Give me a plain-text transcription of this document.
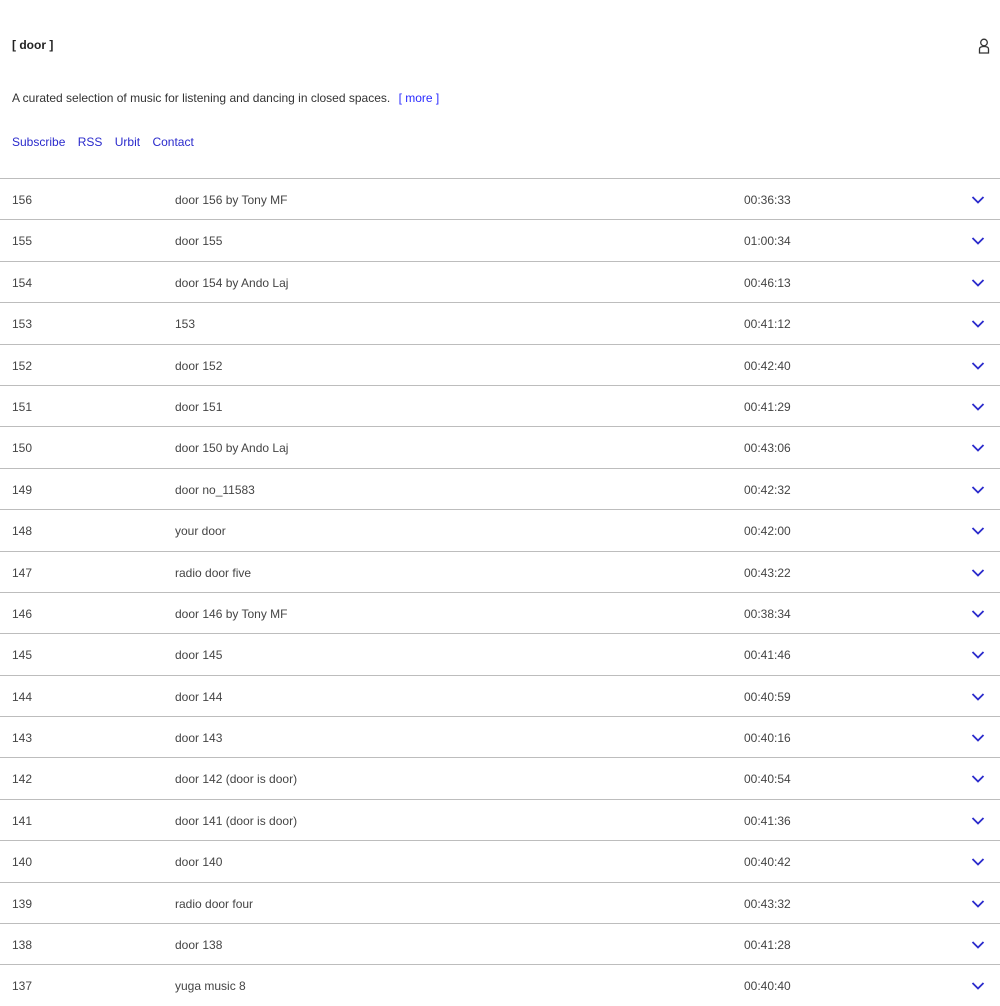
[ door ]
A curated selection of music for listening and dancing in closed spaces. [ more ]
Subscribe RSS Urbit Contact
156	door 156 by Tony MF	00:36:33
155	door 155	01:00:34
154	door 154 by Ando Laj	00:46:13
153	153	00:41:12
152	door 152	00:42:40
151	door 151	00:41:29
150	door 150 by Ando Laj	00:43:06
149	door no_11583	00:42:32
148	your door	00:42:00
147	radio door five	00:43:22
146	door 146 by Tony MF	00:38:34
145	door 145	00:41:46
144	door 144	00:40:59
143	door 143	00:40:16
142	door 142 (door is door)	00:40:54
141	door 141 (door is door)	00:41:36
140	door 140	00:40:42
139	radio door four	00:43:32
138	door 138	00:41:28
137	yuga music 8	00:40:40
